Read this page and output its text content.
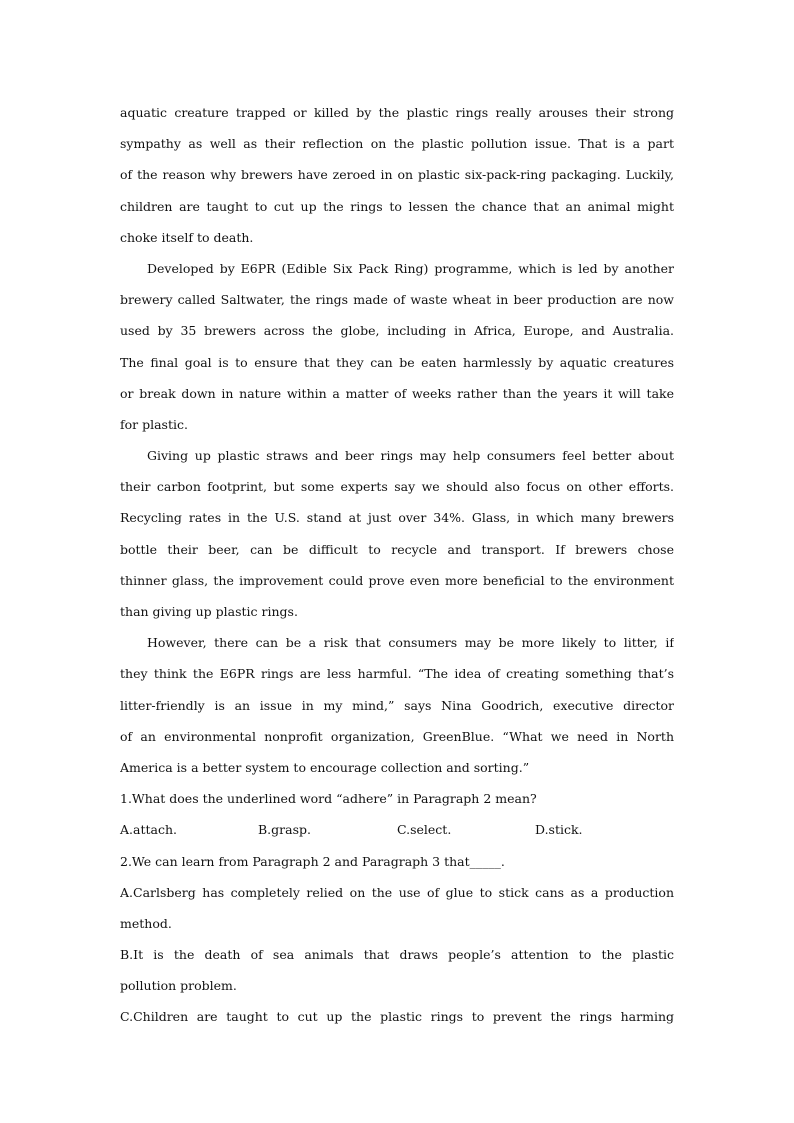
aquatic creature trapped or killed by the plastic rings really arouses their strong
sympathy as well as their reflection on the plastic pollution issue. That is a part
of the reason why brewers have zeroed in on plastic six-pack-ring packaging. Luckily,
children are taught to cut up the rings to lessen the chance that an animal might
choke itself to death.
Developed by E6PR (Edible Six Pack Ring) programme, which is led by another
brewery called Saltwater, the rings made of waste wheat in beer production are now
used by 35 brewers across the globe, including in Africa, Europe, and Australia.
The final goal is to ensure that they can be eaten harmlessly by aquatic creatures
or break down in nature within a matter of weeks rather than the years it will take
for plastic.
Giving up plastic straws and beer rings may help consumers feel better about
their carbon footprint, but some experts say we should also focus on other efforts.
Recycling rates in the U.S. stand at just over 34%. Glass, in which many brewers
bottle their beer, can be difficult to recycle and transport. If brewers chose
thinner glass, the improvement could prove even more beneficial to the environment
than giving up plastic rings.
However, there can be a risk that consumers may be more likely to litter, if
they think the E6PR rings are less harmful. “The idea of creating something that’s
litter-friendly is an issue in my mind,” says Nina Goodrich, executive director
of an environmental nonprofit organization, GreenBlue. “What we need in North
America is a better system to encourage collection and sorting.”
1.What does the underlined word “adhere” in Paragraph 2 mean?
A.attach.	B.grasp.	C.select.	D.stick.
2.We can learn from Paragraph 2 and Paragraph 3 that_____.
A.Carlsberg has completely relied on the use of glue to stick cans as a production
method.
B.It is the death of sea animals that draws people’s attention to the plastic
pollution problem.
C.Children are taught to cut up the plastic rings to prevent the rings harming
